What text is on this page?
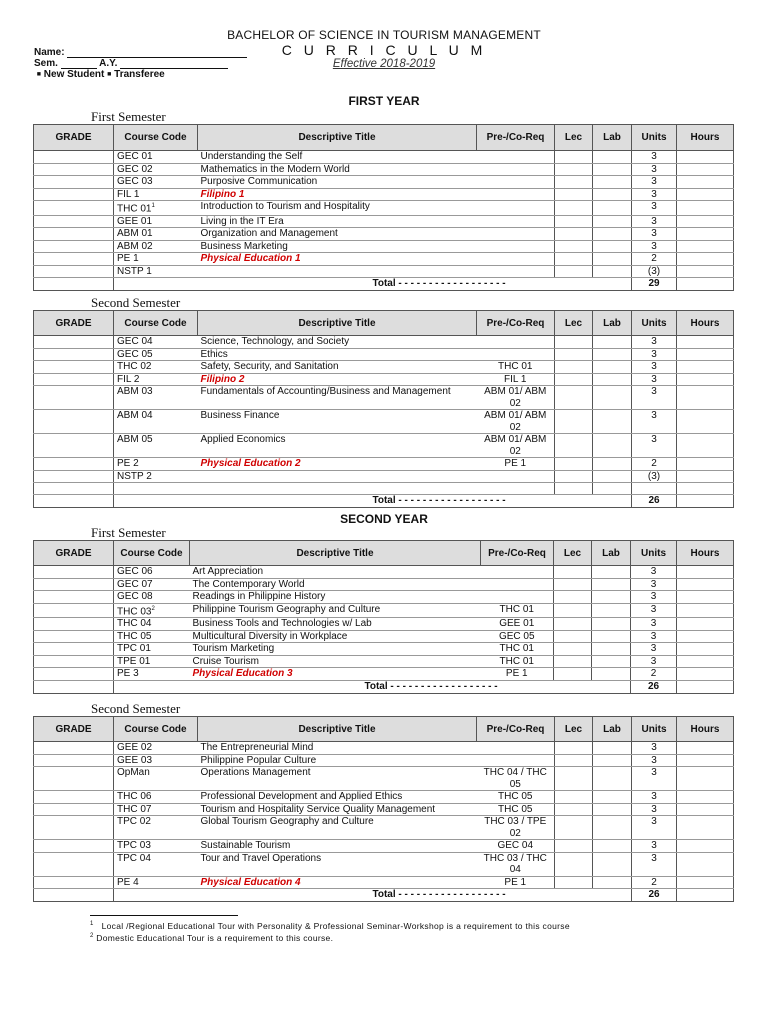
BACHELOR OF SCIENCE IN TOURISM MANAGEMENT
C U R R I C U L U M
Effective 2018-2019
Name:
Sem.	A.Y.
■ New Student ■ Transferee
FIRST YEAR
First Semester
GRADE	Course Code	Descriptive Title	Pre-/Co-Req	Lec	Lab	Units	Hours
	GEC 01	Understanding the Self				3	
	GEC 02	Mathematics in the Modern World				3	
	GEC 03	Purposive Communication				3	
	FIL 1	Filipino 1				3	
	THC $01^1$	Introduction to Tourism and Hospitality				3	
	GEE 01	Living in the IT Era				3	
	ABM 01	Organization and Management				3	
	ABM 02	Business Marketing				3	
	PE 1	Physical Education 1				2	
	NSTP 1					(3)	
		Total - - - - - - - - - - - - - - - - - -				29	
Second Semester
GRADE	Course Code	Descriptive Title	Pre-/Co-Req	Lec	Lab	Units	Hours
	GEC 04	Science, Technology, and Society				3	
	GEC 05	Ethics				3	
	THC 02	Safety, Security, and Sanitation	THC 01			3	
	FIL 2	Filipino 2	FIL 1			3	
	ABM 03	Fundamentals of Accounting/Business and Management	ABM 01/ ABM 02			3	
	ABM 04	Business Finance	ABM 01/ ABM 02			3	
	ABM 05	Applied Economics	ABM 01/ ABM 02			3	
	PE 2	Physical Education 2	PE 1			2	
	NSTP 2					(3)	

		Total - - - - - - - - - - - - - - - - - -				26	
SECOND YEAR
First Semester
GRADE	Course Code	Descriptive Title	Pre-/Co-Req	Lec	Lab	Units	Hours
	GEC 06	Art Appreciation				3	
	GEC 07	The Contemporary World				3	
	GEC 08	Readings in Philippine History				3	
	THC $03^2$	Philippine Tourism Geography and Culture	THC 01			3	
	THC 04	Business Tools and Technologies w/ Lab	GEE 01			3	
	THC 05	Multicultural Diversity in Workplace	GEC 05			3	
	TPC 01	Tourism Marketing	THC 01			3	
	TPE 01	Cruise Tourism	THC 01			3	
	PE 3	Physical Education 3	PE 1			2	
		Total - - - - - - - - - - - - - - - - - -				26	
Second Semester
GRADE	Course Code	Descriptive Title	Pre-/Co-Req	Lec	Lab	Units	Hours
	GEE 02	The Entrepreneurial Mind				3	
	GEE 03	Philippine Popular Culture				3	
	OpMan	Operations Management	THC 04 / THC 05			3	
	THC 06	Professional Development and Applied Ethics	THC 05			3	
	THC 07	Tourism and Hospitality Service Quality Management	THC 05			3	
	TPC 02	Global Tourism Geography and Culture	THC 03 / TPE 02			3	
	TPC 03	Sustainable Tourism	GEC 04			3	
	TPC 04	Tour and Travel Operations	THC 03 / THC 04			3	
	PE 4	Physical Education 4	PE 1			2	
		Total - - - - - - - - - - - - - - - - - -				26	
$^1$   Local /Regional Educational Tour with Personality & Professional Seminar-Workshop is a requirement to this course
$^2$ Domestic Educational Tour is a requirement to this course.
